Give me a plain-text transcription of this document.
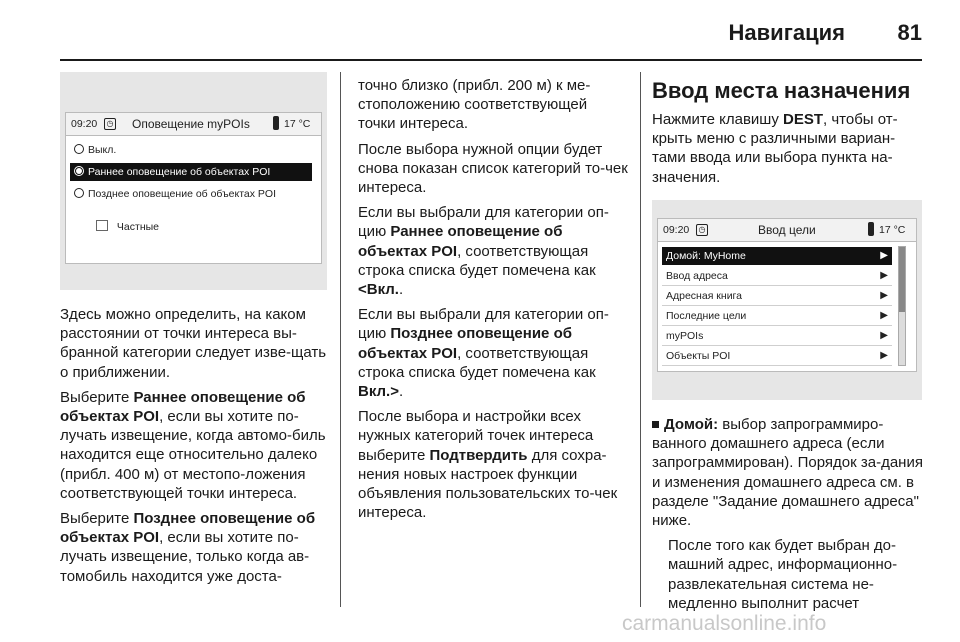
Навигация	81
09:20	◷ Оповещение myPOIs	17 °C
Выкл.
Раннее оповещение об объектах POI
Позднее оповещение об объектах POI
Частные

Здесь можно определить, на каком расстоянии от точки интереса вы-бранной категории следует изве-щать о приближении.

Выберите Раннее оповещение об объектах POI, если вы хотите по-лучать извещение, когда автомо-биль находится еще относительно далеко (прибл. 400 м) от местопо-ложения соответствующей точки интереса.

Выберите Позднее оповещение об объектах POI, если вы хотите по-лучать извещение, только когда ав-томобиль находится уже доста-

точно близко (прибл. 200 м) к ме-стоположению соответствующей точки интереса.

После выбора нужной опции будет снова показан список категорий то-чек интереса.

Если вы выбрали для категории оп-цию Раннее оповещение об объектах POI, соответствующая строка списка будет помечена как <Вкл..

Если вы выбрали для категории оп-цию Позднее оповещение об объектах POI, соответствующая строка списка будет помечена как Вкл.>.

После выбора и настройки всех нужных категорий точек интереса выберите Подтвердить для сохра-нения новых настроек функции объявления пользовательских то-чек интереса.

Ввод места назначения

Нажмите клавишу DEST, чтобы от-крыть меню с различными вариан-тами ввода или выбора пункта на-значения.

09:20	◷	Ввод цели	17 °C
Домой: MyHome	▶
Ввод адреса	▶
Адресная книга	▶
Последние цели	▶
myPOIs	▶
Объекты POI	▶

Домой: выбор запрограммиро-ванного домашнего адреса (если запрограммирован). Порядок за-дания и изменения домашнего адреса см. в разделе "Задание домашнего адреса" ниже.

После того как будет выбран до-машний адрес, информационно-развлекательная система не-медленно выполнит расчет

carmanualsonline.info
